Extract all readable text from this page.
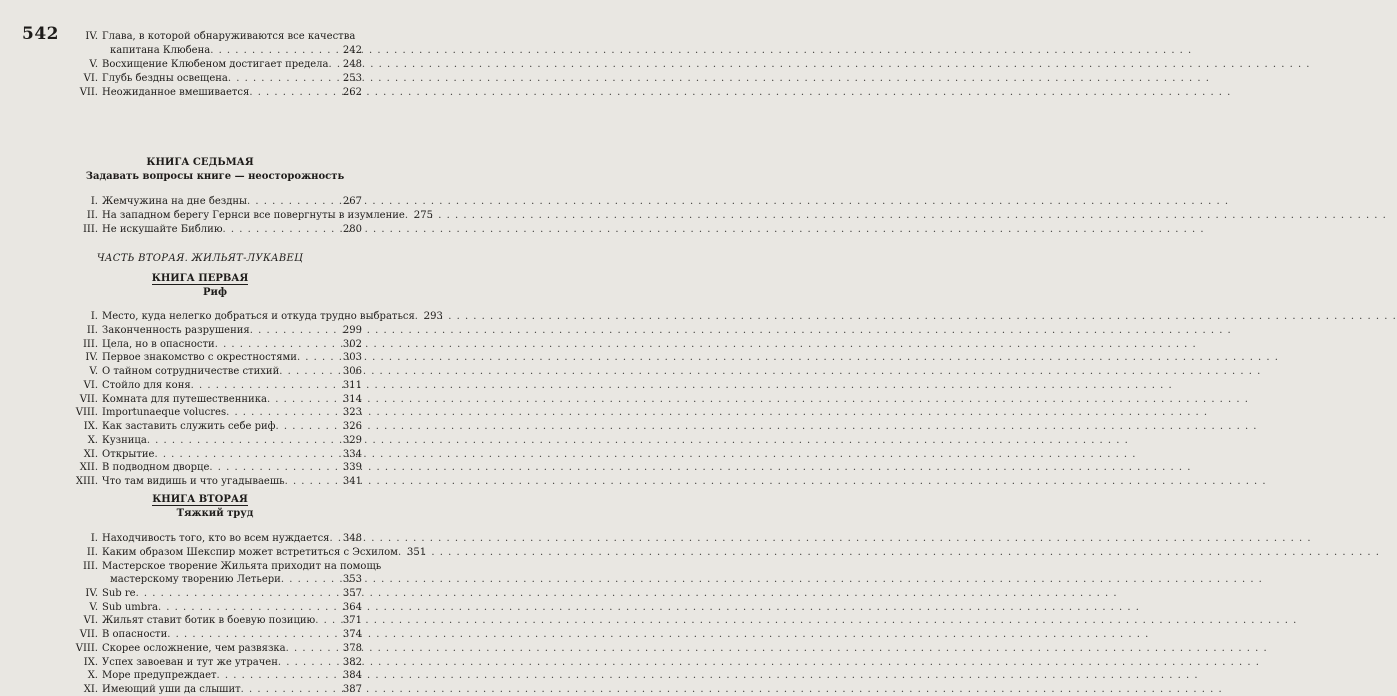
542
КНИГА СЕДЬМАЯ
Задавать вопросы книге — неосторожность
ЧАСТЬ ВТОРАЯ. ЖИЛЬЯТ-ЛУКАВЕЦ
КНИГА ПЕРВАЯ
Риф
КНИГА ВТОРАЯ
Тяжкий труд
IV. Глава, в которой обнаруживаются все качества
капитана Клюбена . . .	242
V. Восхищение Клюбеном достигает предела . . . 248
VI. Глубь бездны освещена . . .	253
VII. Неожиданное вмешивается . . .	262
I. Жемчужина на дне бездны . . .	267
II. На западном берегу Гернси все повергнуты в изумление . . . 275
III. Не искушайте Библию . . .	280
I. Место, куда нелегко добраться и откуда трудно выбраться . . . 293
II. Законченность разрушения . . .	299
III. Цела, но в опасности . . .	302
IV. Первое знакомство с окрестностями . . .	303
V. О тайном сотрудничестве стихий . . .	306
VI. Стойло для коня . . .	311
VII. Комната для путешественника . . .	314
VIII. Importunaeque volucres . . .	323
IX. Как заставить служить себе риф . . .	326
X. Кузница . . .	329
XI. Открытие . . .	334
XII. В подводном дворце . . .	339
XIII. Что там видишь и что угадываешь . . .	341
I. Находчивость того, кто во всем нуждается . . . 348
II. Каким образом Шекспир может встретиться с Эсхилом . . . 351
III. Мастерское творение Жильята приходит на помощь
мастерскому творению Летьери . . .	353
IV. Sub re . . .	357
V. Sub umbra . . .	364
VI. Жильят ставит ботик в боевую позицию . . .	371
VII. В опасности . . .	374
VIII. Скорее осложнение, чем развязка . . .	378
IX. Успех завоеван и тут же утрачен . . .	382
X. Море предупреждает . . .	384
XI. Имеющий уши да слышит . . .	387
